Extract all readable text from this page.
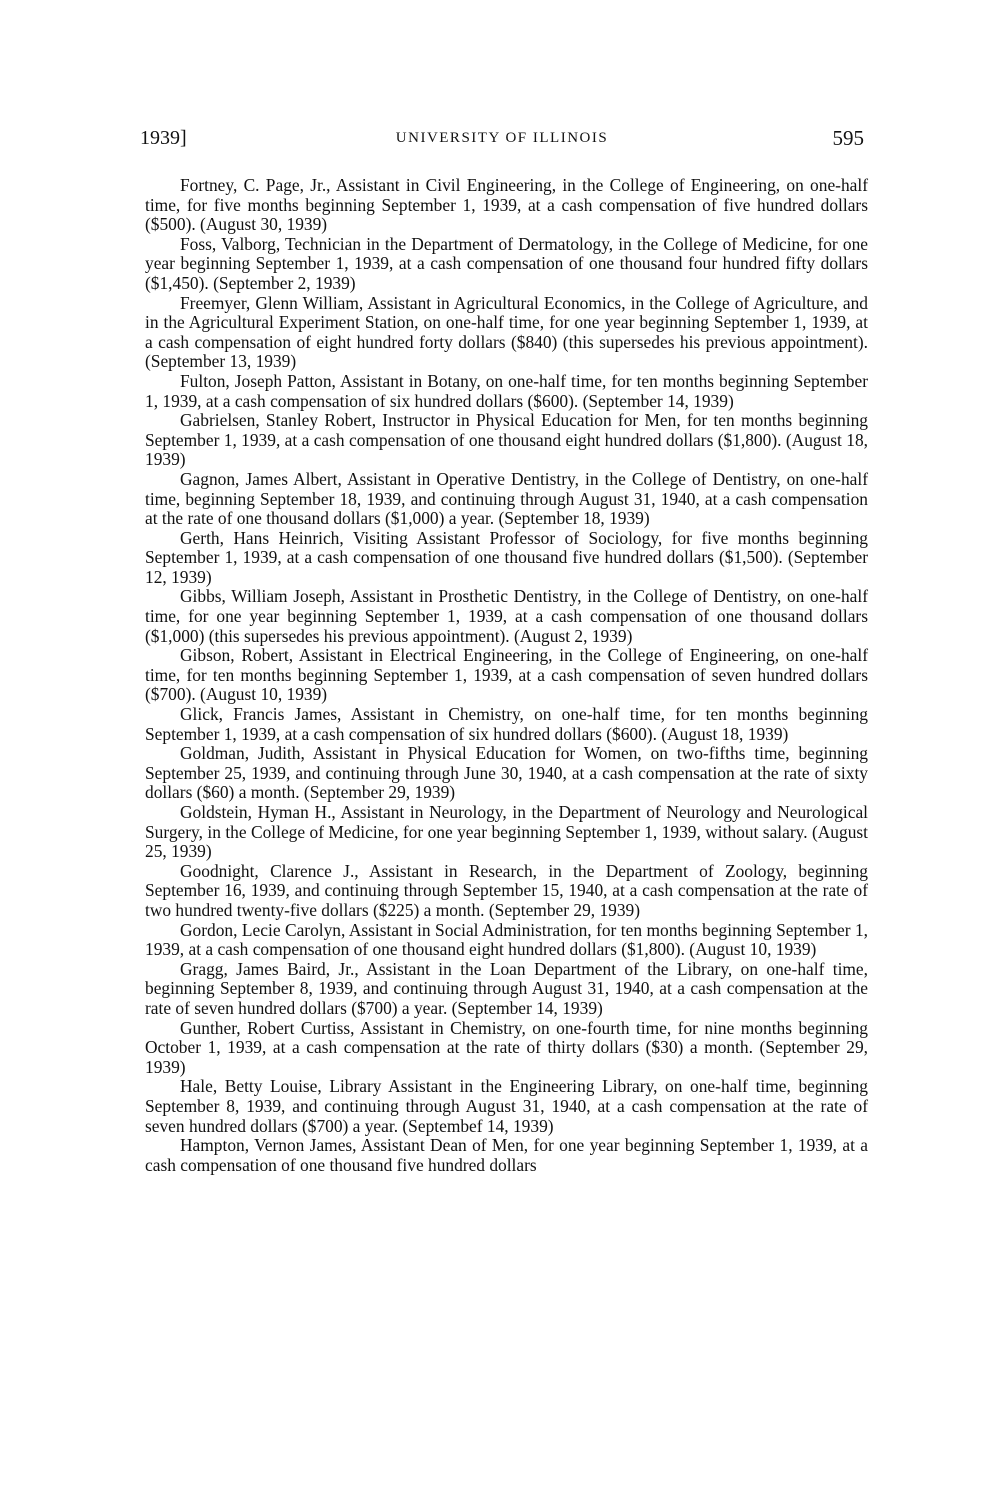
1939]	UNIVERSITY OF ILLINOIS	595
Fortney, C. Page, Jr., Assistant in Civil Engineering, in the College of Engineering, on one-half time, for five months beginning September 1, 1939, at a cash compensation of five hundred dollars ($500). (August 30, 1939)
Foss, Valborg, Technician in the Department of Dermatology, in the College of Medicine, for one year beginning September 1, 1939, at a cash compensation of one thousand four hundred fifty dollars ($1,450). (September 2, 1939)
Freemyer, Glenn William, Assistant in Agricultural Economics, in the College of Agriculture, and in the Agricultural Experiment Station, on one-half time, for one year beginning September 1, 1939, at a cash compensation of eight hundred forty dollars ($840) (this supersedes his previous appointment). (September 13, 1939)
Fulton, Joseph Patton, Assistant in Botany, on one-half time, for ten months beginning September 1, 1939, at a cash compensation of six hundred dollars ($600). (September 14, 1939)
Gabrielsen, Stanley Robert, Instructor in Physical Education for Men, for ten months beginning September 1, 1939, at a cash compensation of one thousand eight hundred dollars ($1,800). (August 18, 1939)
Gagnon, James Albert, Assistant in Operative Dentistry, in the College of Dentistry, on one-half time, beginning September 18, 1939, and continuing through August 31, 1940, at a cash compensation at the rate of one thousand dollars ($1,000) a year. (September 18, 1939)
Gerth, Hans Heinrich, Visiting Assistant Professor of Sociology, for five months beginning September 1, 1939, at a cash compensation of one thousand five hundred dollars ($1,500). (September 12, 1939)
Gibbs, William Joseph, Assistant in Prosthetic Dentistry, in the College of Dentistry, on one-half time, for one year beginning September 1, 1939, at a cash compensation of one thousand dollars ($1,000) (this supersedes his previous appointment). (August 2, 1939)
Gibson, Robert, Assistant in Electrical Engineering, in the College of Engineering, on one-half time, for ten months beginning September 1, 1939, at a cash compensation of seven hundred dollars ($700). (August 10, 1939)
Glick, Francis James, Assistant in Chemistry, on one-half time, for ten months beginning September 1, 1939, at a cash compensation of six hundred dollars ($600). (August 18, 1939)
Goldman, Judith, Assistant in Physical Education for Women, on two-fifths time, beginning September 25, 1939, and continuing through June 30, 1940, at a cash compensation at the rate of sixty dollars ($60) a month. (September 29, 1939)
Goldstein, Hyman H., Assistant in Neurology, in the Department of Neurology and Neurological Surgery, in the College of Medicine, for one year beginning September 1, 1939, without salary. (August 25, 1939)
Goodnight, Clarence J., Assistant in Research, in the Department of Zoology, beginning September 16, 1939, and continuing through September 15, 1940, at a cash compensation at the rate of two hundred twenty-five dollars ($225) a month. (September 29, 1939)
Gordon, Lecie Carolyn, Assistant in Social Administration, for ten months beginning September 1, 1939, at a cash compensation of one thousand eight hundred dollars ($1,800). (August 10, 1939)
Gragg, James Baird, Jr., Assistant in the Loan Department of the Library, on one-half time, beginning September 8, 1939, and continuing through August 31, 1940, at a cash compensation at the rate of seven hundred dollars ($700) a year. (September 14, 1939)
Gunther, Robert Curtiss, Assistant in Chemistry, on one-fourth time, for nine months beginning October 1, 1939, at a cash compensation at the rate of thirty dollars ($30) a month. (September 29, 1939)
Hale, Betty Louise, Library Assistant in the Engineering Library, on one-half time, beginning September 8, 1939, and continuing through August 31, 1940, at a cash compensation at the rate of seven hundred dollars ($700) a year. (Septembef 14, 1939)
Hampton, Vernon James, Assistant Dean of Men, for one year beginning September 1, 1939, at a cash compensation of one thousand five hundred dollars
